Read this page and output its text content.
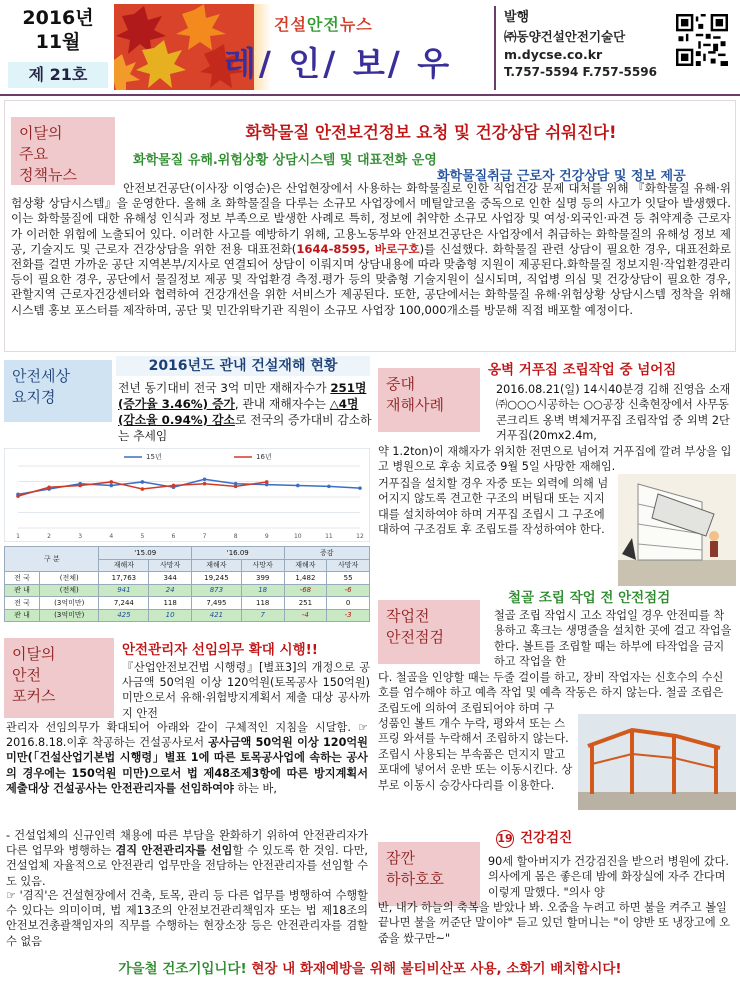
2016년
11월
제 21호
건설안전뉴스
레/ 인/ 보/ 우
발행
㈜동양건설안전기술단
m.dycse.co.kr
T.757-5594 F.757-5596
이달의
주요
정책뉴스
화학물질 안전보건정보 요청 및 건강상담 쉬워진다!
화학물질 유해.위험상황 상담시스템 및 대표전화 운영
화학물질취급 근로자 건강상담 및 정보 제공
안전보건공단(이사장 이영순)은 산업현장에서 사용하는 화학물질로 인한 직업건강 문제 대처를 위해 『화학물질 유해·위험상황 상담시스템』을 운영한다. 올해 초 화학물질을 다루는 소규모 사업장에서 메틸알코올 중독으로 인한 실명 등의 사고가 잇달아 발생했다. 이는 화학물질에 대한 유해성 인식과 정보 부족으로 발생한 사례로 특히, 정보에 취약한 소규모 사업장 및 여성·외국인·파견 등 취약계층 근로자가 이러한 위험에 노출되어 있다. 이러한 사고를 예방하기 위해, 고용노동부와 안전보건공단은 사업장에서 취급하는 화학물질의 유해성 정보 제공, 기술지도 및 근로자 건강상담을 위한 전용 대표전화(1644-8595, 바로구호)를 신설했다. 화학물질 관련 상담이 필요한 경우, 대표전화로 전화를 걸면 가까운 공단 지역본부/지사로 연결되어 상담이 이뤄지며 상담내용에 따라 맞춤형 지원이 제공된다.화학물질 정보지원·작업환경관리 등이 필요한 경우, 공단에서 물질정보 제공 및 작업환경 측정.평가 등의 맞춤형 기술지원이 실시되며, 직업병 의심 및 건강상담이 필요한 경우, 관할지역 근로자건강센터와 협력하여 건강개선을 위한 서비스가 제공된다. 또한, 공단에서는 화학물질 유해·위험상황 상담시스템 정착을 위해 시스템 홍보 포스터를 제작하며, 공단 및 민간위탁기관 직원이 소규모 사업장 100,000개소를 방문해 직접 배포할 예정이다.
안전세상
요지경
2016년도 관내 건설재해 현황
전년 동기대비 전국 3억 미만 재해자수가 251명(증가율 3.46%) 증가, 관내 재해자수는 △4명(감소율 0.94%) 감소로 전국의 증가대비 감소하는 추세임
1	2	3	4	5	6	7	8	9	10	11	12
15년	16년
구 분		'15.09		'16.09		증감	
		재해자	사망자	재해자	사망자	재해자	사망자
전 국	(전체)	17,763	344	19,245	399	1,482	55
관 내	(전체)	941	24	873	18	-68	-6
전 국	(3억미만)	7,244	118	7,495	118	251	0
관 내	(3억미만)	425	10	421	7	-4	-3
중대
재해사례
옹벽 거푸집 조립작업 중 넘어짐
2016.08.21(일) 14시40분경 김해 진영읍 소재 ㈜○○○시공하는 ○○공장 신축현장에서 사무동 콘크리트 옹벽 벽체거푸집 조립작업 중 외벽 2단 거푸집(20mx2.4m,
약 1.2ton)이 재해자가 위치한 전면으로 넘어져 거푸집에 깔려 부상을 입고 병원으로 후송 치료중 9월 5일 사망한 재해임.
거푸집을 설치할 경우 자중 또는 외력에 의해 넘어지지 않도록 견고한 구조의 버팀대 또는 지지대를 설치하여야 하며 거푸집 조립시 그 구조에 대하여 구조검토 후 조립도를 작성하여야 한다.
작업전
안전점검
철골 조립 작업 전 안전점검
철골 조립 작업시 고소 작업일 경우 안전띠를 착용하고 훅크는 생명줄을 설치한 곳에 걸고 작업을 한다. 볼트를 조립할 때는 하부에 타작업을 금지하고 작업을 한
다. 철골을 인양할 때는 두줄 걸이를 하고, 장비 작업자는 신호수의 수신호를 엄수해야 하고 예측 작업 및 예측 작동은 하지 않는다. 철골 조립은 조립도에 의하여 조립되어야 하며 구
성품인 볼트 개수 누락, 평와셔 또는 스프링 와셔를 누락해서 조립하지 않는다. 조립시 사용되는 부속품은 던지지 말고 포대에 넣어서 운반 또는 이동시킨다. 상부로 이동시 승강사다리를 이용한다.
이달의
안전
포커스
안전관리자 선임의무 확대 시행!!
『산업안전보건법 시행령』[별표3]의 개정으로 공사금액 50억원 이상 120억원(토목공사 150억원)미만으로서 유해·위험방지계획서 제출 대상 공사까지 안전
관리자 선임의무가 확대되어 아래와 같이 구체적인 지침을 시달함. ☞ 2016.8.18.이후 착공하는 건설공사로서 공사금액 50억원 이상 120억원 미만(「건설산업기본법 시행령」별표 1에 따른 토목공사업에 속하는 공사의 경우에는 150억원 미만)으로서 법 제48조제3항에 따른 방지계획서 제출대상 건설공사는 안전관리자를 선임하여야 하는 바,
- 건설업체의 신규인력 채용에 따른 부담을 완화하기 위하여 안전관리자가 다른 업무와 병행하는 겸직 안전관리자를 선임할 수 있도록 한 것임. 다만, 건설업체 자율적으로 안전관리 업무만을 전담하는 안전관리자를 선임할 수도 있음.
☞ '겸직'은 건설현장에서 건축, 토목, 관리 등 다른 업무를 병행하여 수행할 수 있다는 의미이며, 법 제13조의 안전보건관리책임자 또는 법 제18조의 안전보건총괄책임자의 직무를 수행하는 현장소장 등은 안전관리자를 겸할 수 없음
잠깐
하하호호
19 건강검진
90세 할아버지가 건강검진을 받으러 병원에 갔다. 의사에게 몸은 좋은데 밤에 화장실에 자주 간다며 이렇게 말했다. "의사 양
반, 내가 하늘의 축복을 받았나 봐. 오줌을 누려고 하면 불을 켜주고 볼일 끝나면 불을 꺼준단 말이야" 듣고 있던 할머니는 "이 양반 또 냉장고에 오줌을 쌌구만~"
가을철 건조기입니다! 현장 내 화재예방을 위해 불티비산포 사용, 소화기 배치합시다!
